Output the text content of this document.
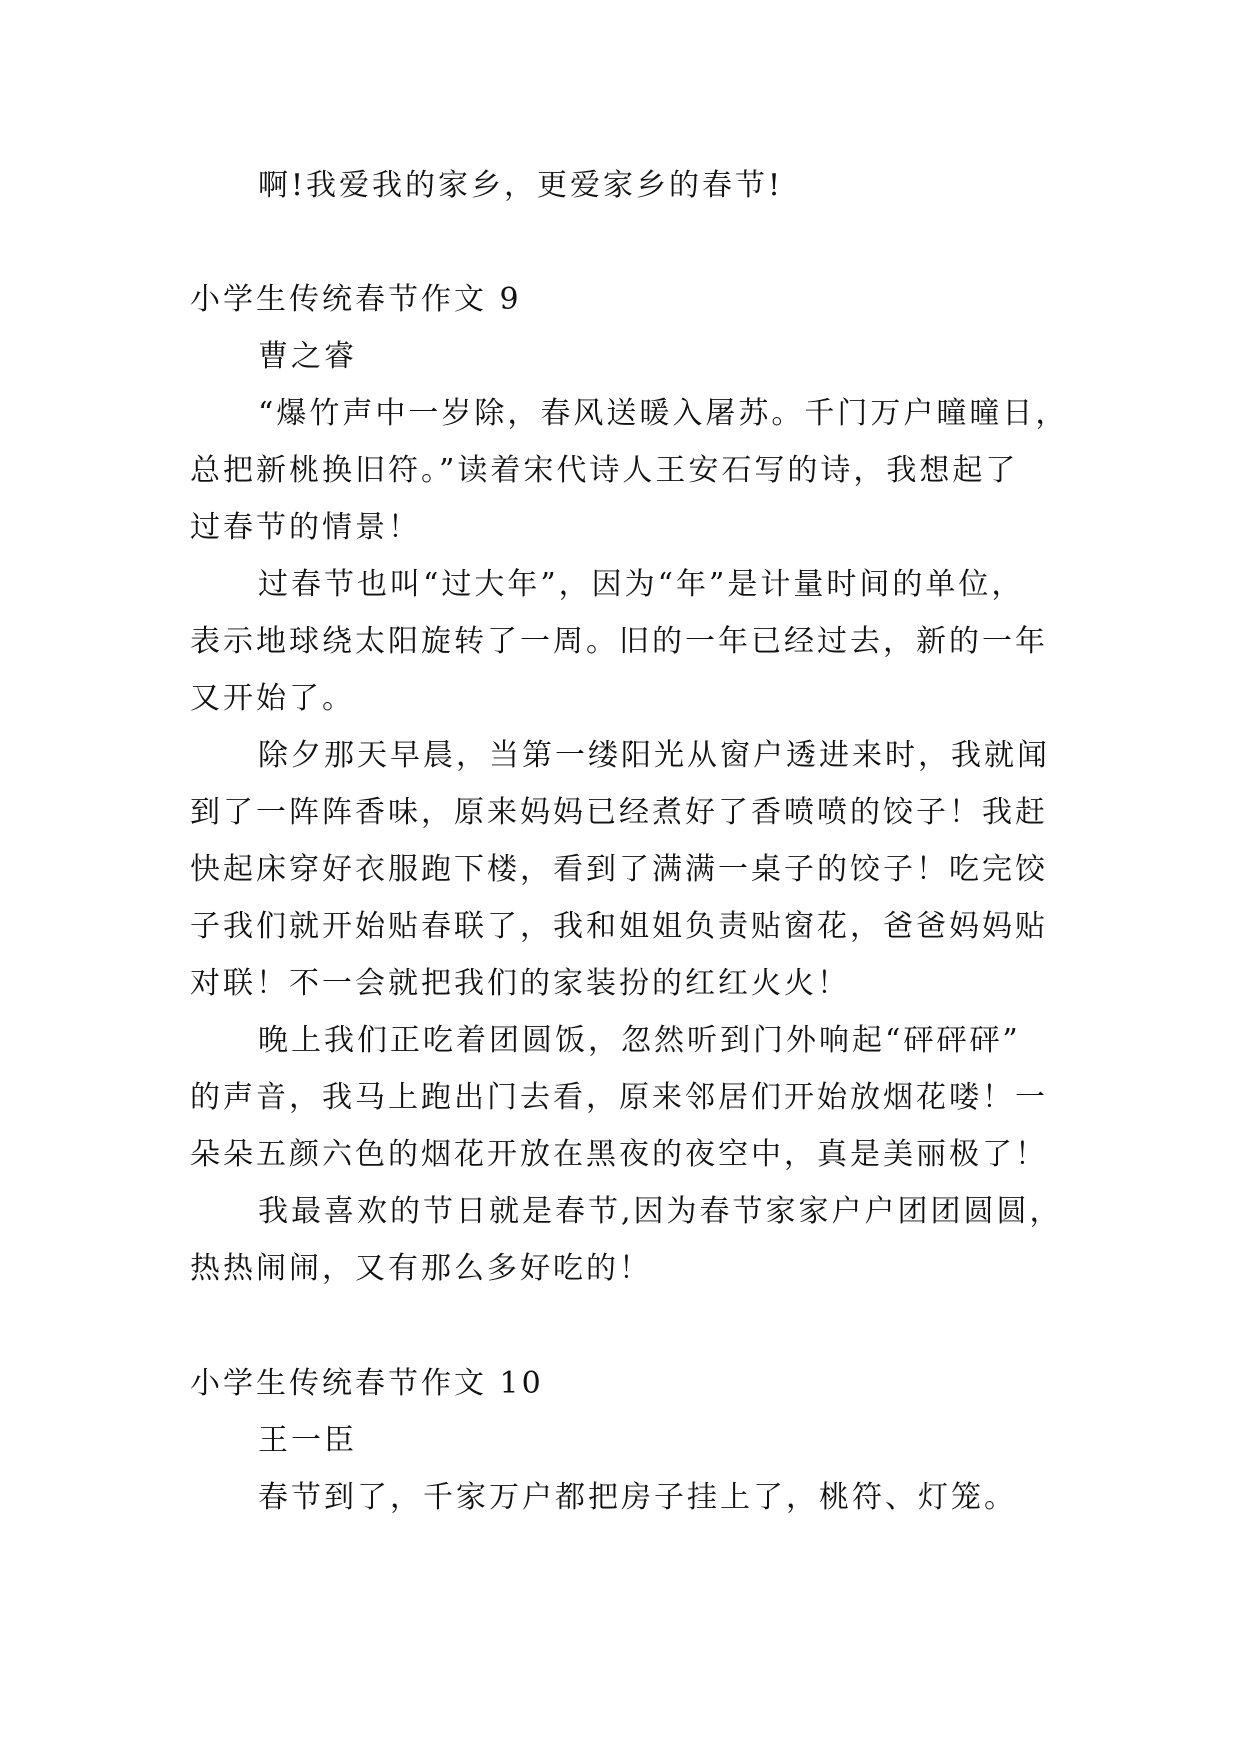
啊!我爱我的家乡，更爱家乡的春节!

小学生传统春节作文 9

曹之睿

“爆竹声中一岁除，春风送暖入屠苏。千门万户曈曈日，

总把新桃换旧符。”读着宋代诗人王安石写的诗，我想起了

过春节的情景！

过春节也叫“过大年”，因为“年”是计量时间的单位，

表示地球绕太阳旋转了一周。旧的一年已经过去，新的一年

又开始了。

除夕那天早晨，当第一缕阳光从窗户透进来时，我就闻

到了一阵阵香味，原来妈妈已经煮好了香喷喷的饺子！我赶

快起床穿好衣服跑下楼，看到了满满一桌子的饺子！吃完饺

子我们就开始贴春联了，我和姐姐负责贴窗花，爸爸妈妈贴

对联！不一会就把我们的家装扮的红红火火！

晚上我们正吃着团圆饭，忽然听到门外响起“砰砰砰”

的声音，我马上跑出门去看，原来邻居们开始放烟花喽！一

朵朵五颜六色的烟花开放在黑夜的夜空中，真是美丽极了！

我最喜欢的节日就是春节,因为春节家家户户团团圆圆，

热热闹闹，又有那么多好吃的！

小学生传统春节作文 10

王一臣

春节到了，千家万户都把房子挂上了，桃符、灯笼。
